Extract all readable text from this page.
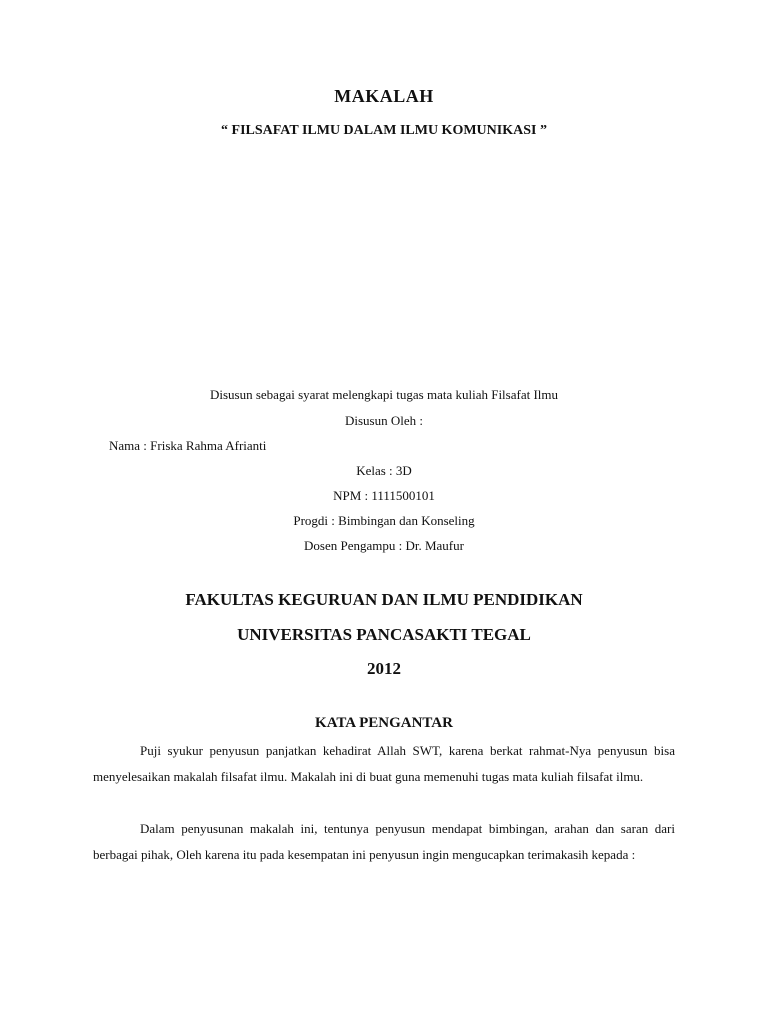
MAKALAH
“ FILSAFAT ILMU DALAM ILMU KOMUNIKASI ”
Disusun sebagai syarat melengkapi tugas mata kuliah Filsafat Ilmu
Disusun Oleh :
Nama : Friska Rahma Afrianti
Kelas : 3D
NPM : 1111500101
Progdi : Bimbingan dan Konseling
Dosen Pengampu : Dr. Maufur
FAKULTAS KEGURUAN DAN ILMU PENDIDIKAN
UNIVERSITAS PANCASAKTI TEGAL
2012
KATA PENGANTAR

Puji syukur penyusun panjatkan kehadirat Allah SWT, karena berkat rahmat-Nya penyusun bisa menyelesaikan makalah filsafat ilmu. Makalah ini di buat guna memenuhi tugas mata kuliah filsafat ilmu.

Dalam penyusunan makalah ini, tentunya penyusun mendapat bimbingan, arahan dan saran dari berbagai pihak, Oleh karena itu pada kesempatan ini penyusun ingin mengucapkan terimakasih kepada :
